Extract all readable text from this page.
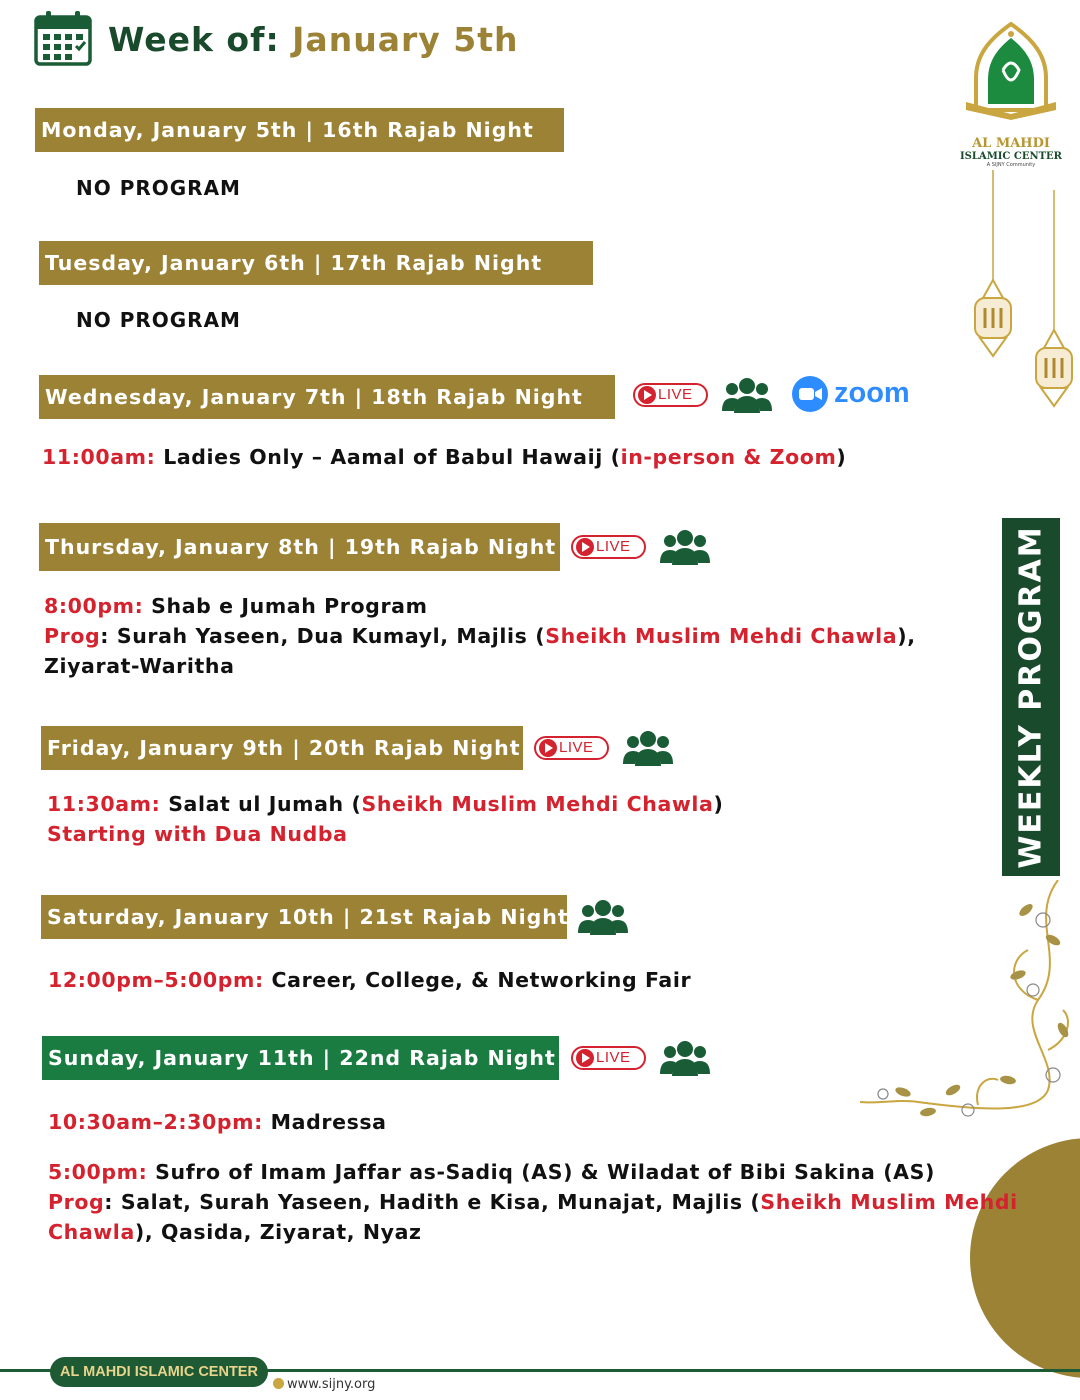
Week of: January 5th
AL MAHDI
ISLAMIC CENTER
A SIJNY Community
WEEKLY PROGRAM
Monday, January 5th | 16th Rajab Night
NO PROGRAM
Tuesday, January 6th | 17th Rajab Night
NO PROGRAM
Wednesday, January 7th | 18th Rajab Night	LIVE	zoom
11:00am: Ladies Only – Aamal of Babul Hawaij (in-person & Zoom)
Thursday, January 8th | 19th Rajab Night	LIVE
8:00pm: Shab e Jumah Program
Prog: Surah Yaseen, Dua Kumayl, Majlis (Sheikh Muslim Mehdi Chawla),
Ziyarat-Waritha
Friday, January 9th | 20th Rajab Night	LIVE
11:30am: Salat ul Jumah (Sheikh Muslim Mehdi Chawla)
Starting with Dua Nudba
Saturday, January 10th | 21st Rajab Night
12:00pm–5:00pm: Career, College, & Networking Fair
Sunday, January 11th | 22nd Rajab Night	LIVE
10:30am–2:30pm: Madressa
5:00pm: Sufro of Imam Jaffar as-Sadiq (AS) & Wiladat of Bibi Sakina (AS)
Prog: Salat, Surah Yaseen, Hadith e Kisa, Munajat, Majlis (Sheikh Muslim Mehdi
Chawla), Qasida, Ziyarat, Nyaz
AL MAHDI ISLAMIC CENTER
www.sijny.org
